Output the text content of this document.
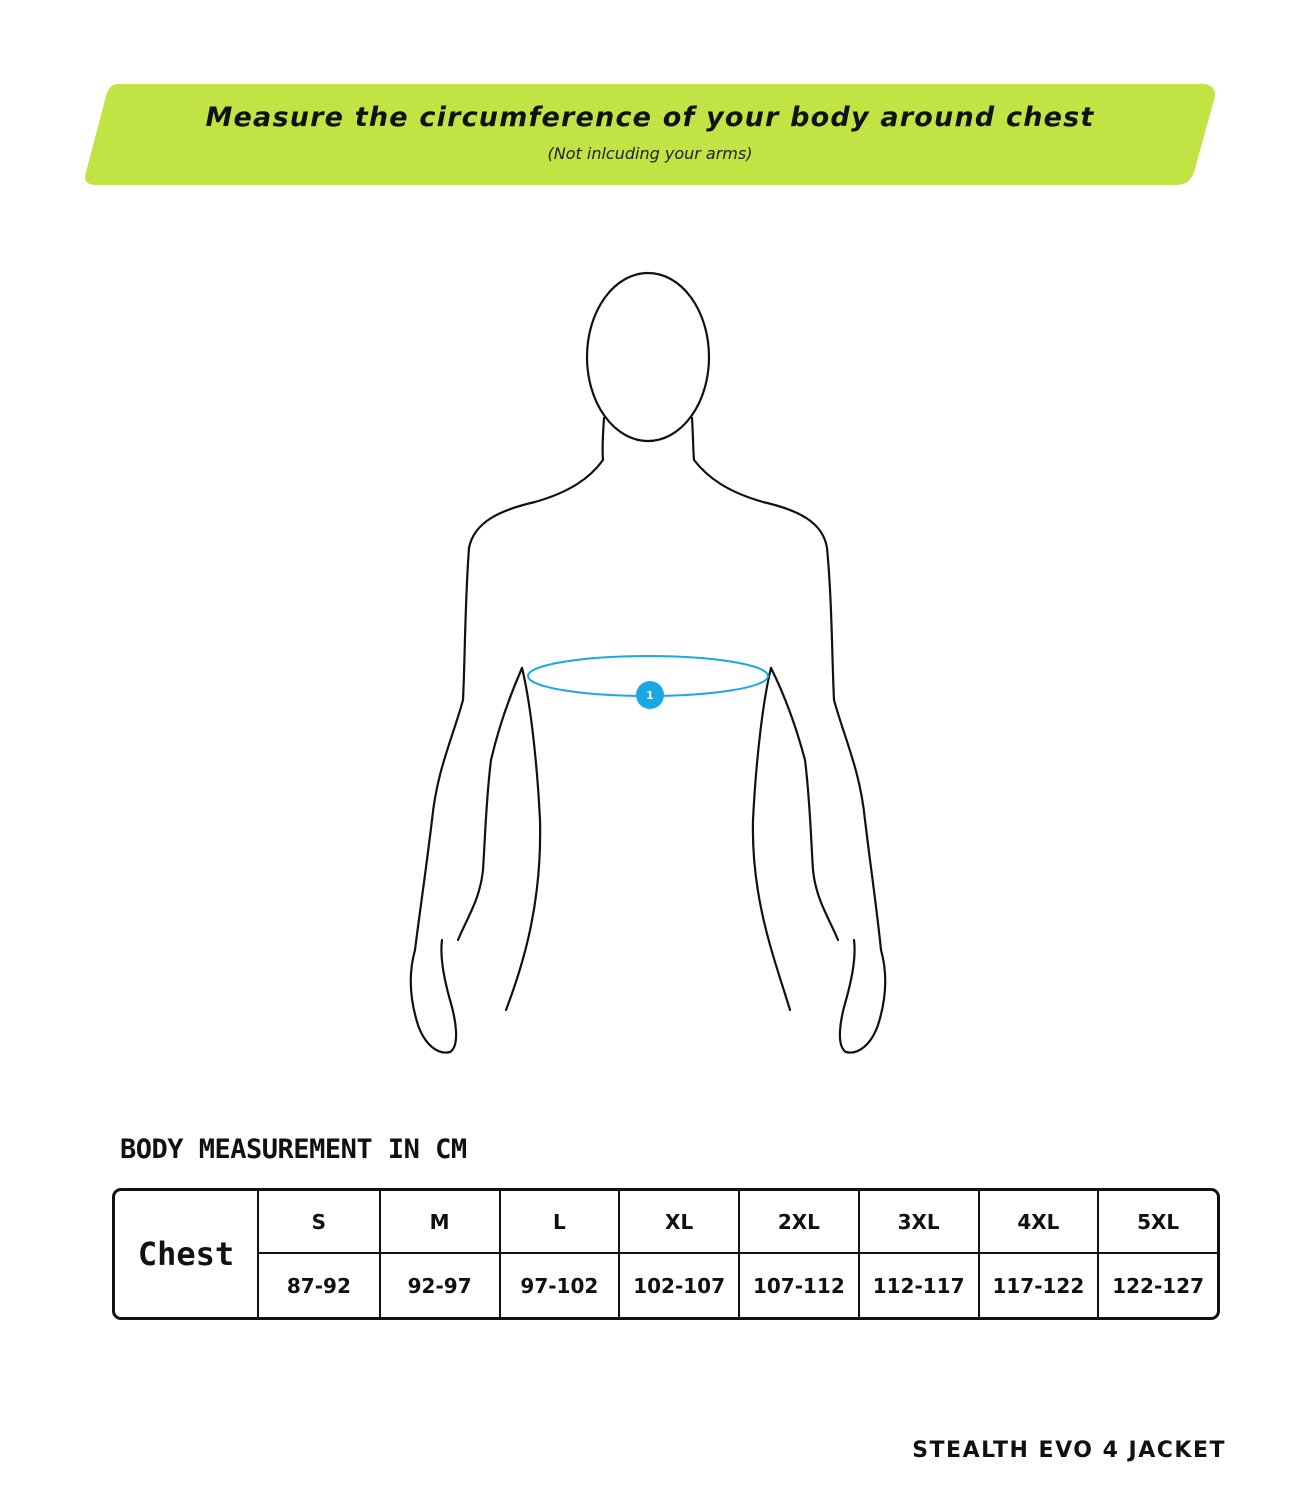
Measure the circumference of your body around chest
(Not inlcuding your arms)
1
BODY MEASUREMENT IN CM
Chest
S	M	L	XL	2XL	3XL	4XL	5XL
87-92	92-97	97-102	102-107	107-112	112-117	117-122	122-127
STEALTH EVO 4 JACKET
